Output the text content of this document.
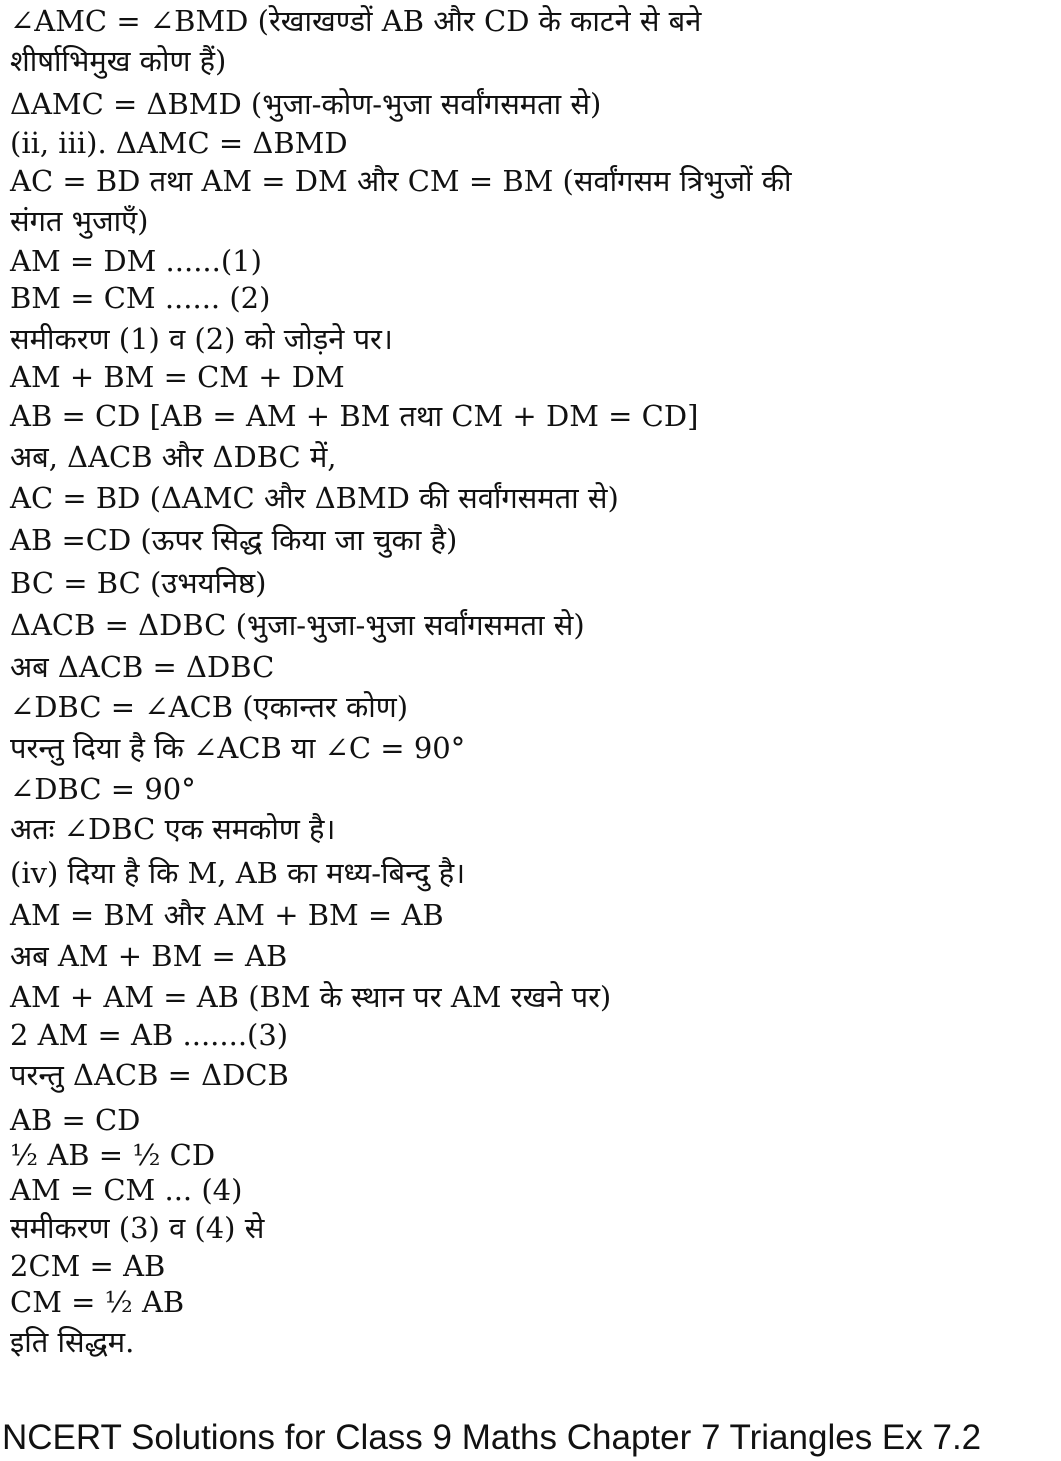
∠AMC = ∠BMD (रेखाखण्डों AB और CD के काटने से बने
शीर्षाभिमुख कोण हैं)
ΔAMC = ΔBMD (भुजा-कोण-भुजा सर्वांगसमता से)
(ii, iii). ΔAMC = ΔBMD
AC = BD तथा AM = DM और CM = BM (सर्वांगसम त्रिभुजों की
संगत भुजाएँ)
AM = DM ......(1)
BM = CM ...... (2)
समीकरण (1) व (2) को जोड़ने पर।
AM + BM = CM + DM
AB = CD [AB = AM + BM तथा CM + DM = CD]
अब, ΔACB और ΔDBC में,
AC = BD (ΔAMC और ΔBMD की सर्वांगसमता से)
AB =CD (ऊपर सिद्ध किया जा चुका है)
BC = BC (उभयनिष्ठ)
ΔACB = ΔDBC (भुजा-भुजा-भुजा सर्वांगसमता से)
अब ΔACB = ΔDBC
∠DBC = ∠ACB (एकान्तर कोण)
परन्तु दिया है कि ∠ACB या ∠C = 90°
∠DBC = 90°
अतः ∠DBC एक समकोण है।
(iv) दिया है कि M, AB का मध्य-बिन्दु है।
AM = BM और AM + BM = AB
अब AM + BM = AB
AM + AM = AB (BM के स्थान पर AM रखने पर)
2 AM = AB .......(3)
परन्तु ΔACB = ΔDCB
AB = CD
½ AB = ½ CD
AM = CM ... (4)
समीकरण (3) व (4) से
2CM = AB
CM = ½ AB
इति सिद्धम.
NCERT Solutions for Class 9 Maths Chapter 7 Triangles Ex 7.2
